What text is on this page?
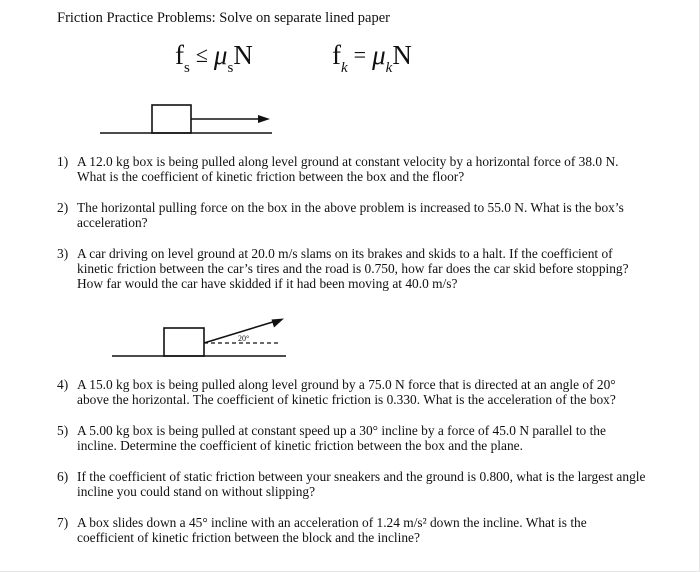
Friction Practice Problems: Solve on separate lined paper
$f_s\le \mu_sN$	$f_k= \mu_kN$
1) A 12.0 kg box is being pulled along level ground at constant velocity by a horizontal force of 38.0 N. What is the coefficient of kinetic friction between the box and the floor?
2) The horizontal pulling force on the box in the above problem is increased to 55.0 N. What is the box’s acceleration?
3) A car driving on level ground at 20.0 m/s slams on its brakes and skids to a halt. If the coefficient of kinetic friction between the car’s tires and the road is 0.750, how far does the car skid before stopping? How far would the car have skidded if it had been moving at 40.0 m/s?
20°
4) A 15.0 kg box is being pulled along level ground by a 75.0 N force that is directed at an angle of 20° above the horizontal. The coefficient of kinetic friction is 0.330. What is the acceleration of the box?
5) A 5.00 kg box is being pulled at constant speed up a 30° incline by a force of 45.0 N parallel to the incline. Determine the coefficient of kinetic friction between the box and the plane.
6) If the coefficient of static friction between your sneakers and the ground is 0.800, what is the largest angle incline you could stand on without slipping?
7) A box slides down a 45° incline with an acceleration of 1.24 m/s² down the incline. What is the coefficient of kinetic friction between the block and the incline?
